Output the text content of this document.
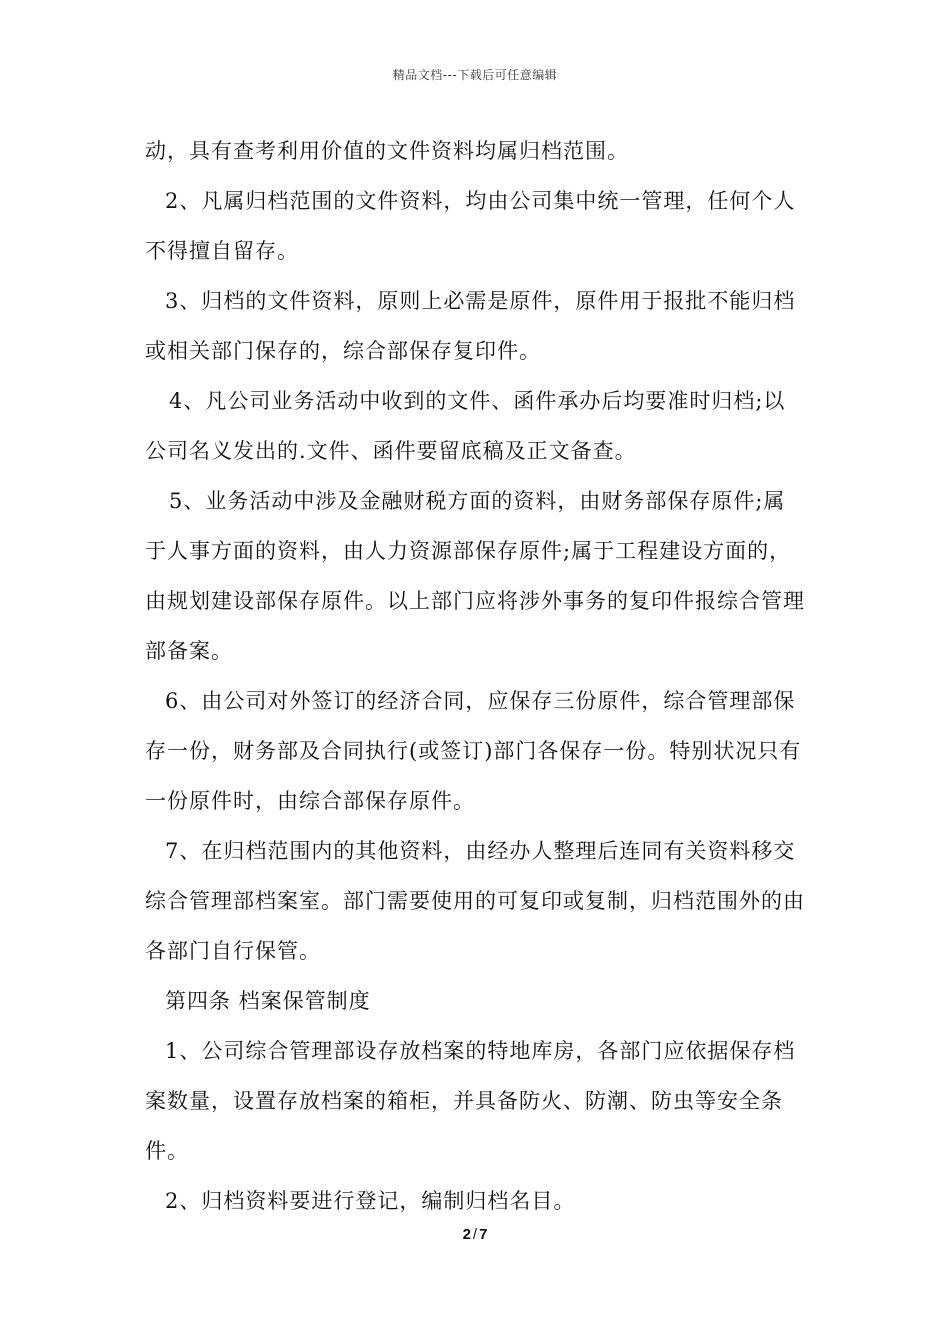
精品文档---下载后可任意编辑

动，具有查考利用价值的文件资料均属归档范围。

2、凡属归档范围的文件资料，均由公司集中统一管理，任何个人不得擅自留存。

3、归档的文件资料，原则上必需是原件，原件用于报批不能归档或相关部门保存的，综合部保存复印件。

4、凡公司业务活动中收到的文件、函件承办后均要准时归档;以公司名义发出的.文件、函件要留底稿及正文备查。

5、业务活动中涉及金融财税方面的资料，由财务部保存原件;属于人事方面的资料，由人力资源部保存原件;属于工程建设方面的，由规划建设部保存原件。以上部门应将涉外事务的复印件报综合管理部备案。

6、由公司对外签订的经济合同，应保存三份原件，综合管理部保存一份，财务部及合同执行(或签订)部门各保存一份。特别状况只有一份原件时，由综合部保存原件。

7、在归档范围内的其他资料，由经办人整理后连同有关资料移交综合管理部档案室。部门需要使用的可复印或复制，归档范围外的由各部门自行保管。

第四条 档案保管制度

1、公司综合管理部设存放档案的特地库房，各部门应依据保存档案数量，设置存放档案的箱柜，并具备防火、防潮、防虫等安全条件。

2、归档资料要进行登记，编制归档名目。

2 / 7
